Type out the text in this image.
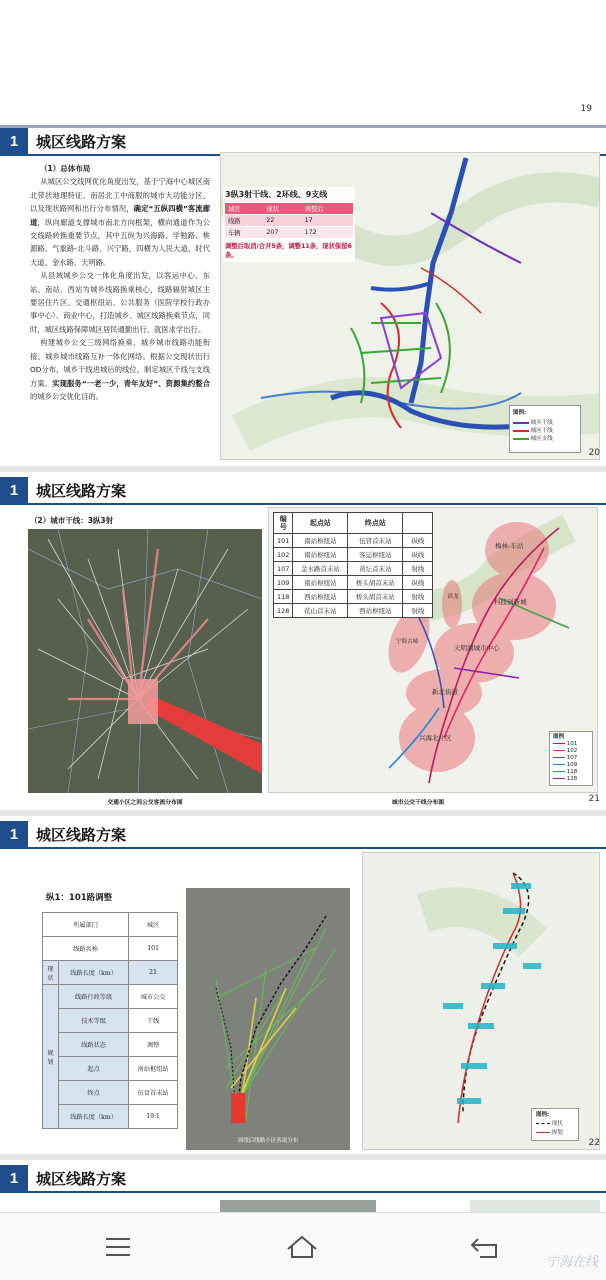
19
1	城区线路方案
（1）总体布局

从城区公交线网优化角度出发，基于宁海中心城区南北带状地理特征、南居北工中商服的城市大功能分区，以及现状路网和出行分布情况，确定“五纵四横”客流廊道，纵向廊道支撑城市南北方向框架，横向通道作为公交线路转换重要节点，其中五纵为兴海路、学勉路、桃源路、气象路-北斗路、兴宁路，四横为人民大道、时代大道、金水路、天明路。

从县域城乡公交一体化角度出发，以客运中心、东站、南站、西站为城乡线路换乘核心，线路辐射城区主要居住片区、交通枢纽站、公共服务（医院学校行政办事中心）、商业中心，打造城乡、城区线路换乘节点，同时，城区线路保障城区居民通勤出行、就医求学出行。

构建城乡公交三级网络换乘、城乡城市线路功能衔接、城乡城市线路互补一体化网络。根据公交现状出行OD分布，城乡干线进城后的线位，制定城区干线与支线方案。实现服务“一老一少，青年友好”、资源集约整合的城乡公交优化目的。

3纵3射干线、2环线、9支线
城区	现状	调整后
线路	22	17
车辆	207	172
调整后取消/合并5条，调整11条，现状保留6条。
图例:
城乡干线
城区干线
城区支线
20
1	城区线路方案
（2）城市干线：3纵3射
梅林-车站
科技创新城
跃龙
宁海古城
天明湖城市中心
新北街道
兴海北片区
编号	起点站	终点站	
101	南站枢纽站	伍冒首末站	纵线
102	南站枢纽站	客运枢纽站	纵线
107	金水路首末站	黄坛首末站	射线
109	南站枢纽站	桥头胡首末站	纵线
118	西站枢纽站	桥头胡首末站	射线
128	花山首末站	西站枢纽站	射线
图例
101
102
107
109
118
128
交通小区之间公交客流分布图	城市公交干线分布图	21
1	城区线路方案
纵1：101路调整
所属部门		城区
线路名称		101
现状	线路长度（km）	21
规划	线路行政等级	城市公交
	技术等级	干线
	线路状态	调整
	起点	南站枢纽站
	终点	伍冒首末站
	线路长度（km）	19.1
调线后线路小区客流分布
图例:
现状
规划
22
1	城区线路方案
宁海在线
